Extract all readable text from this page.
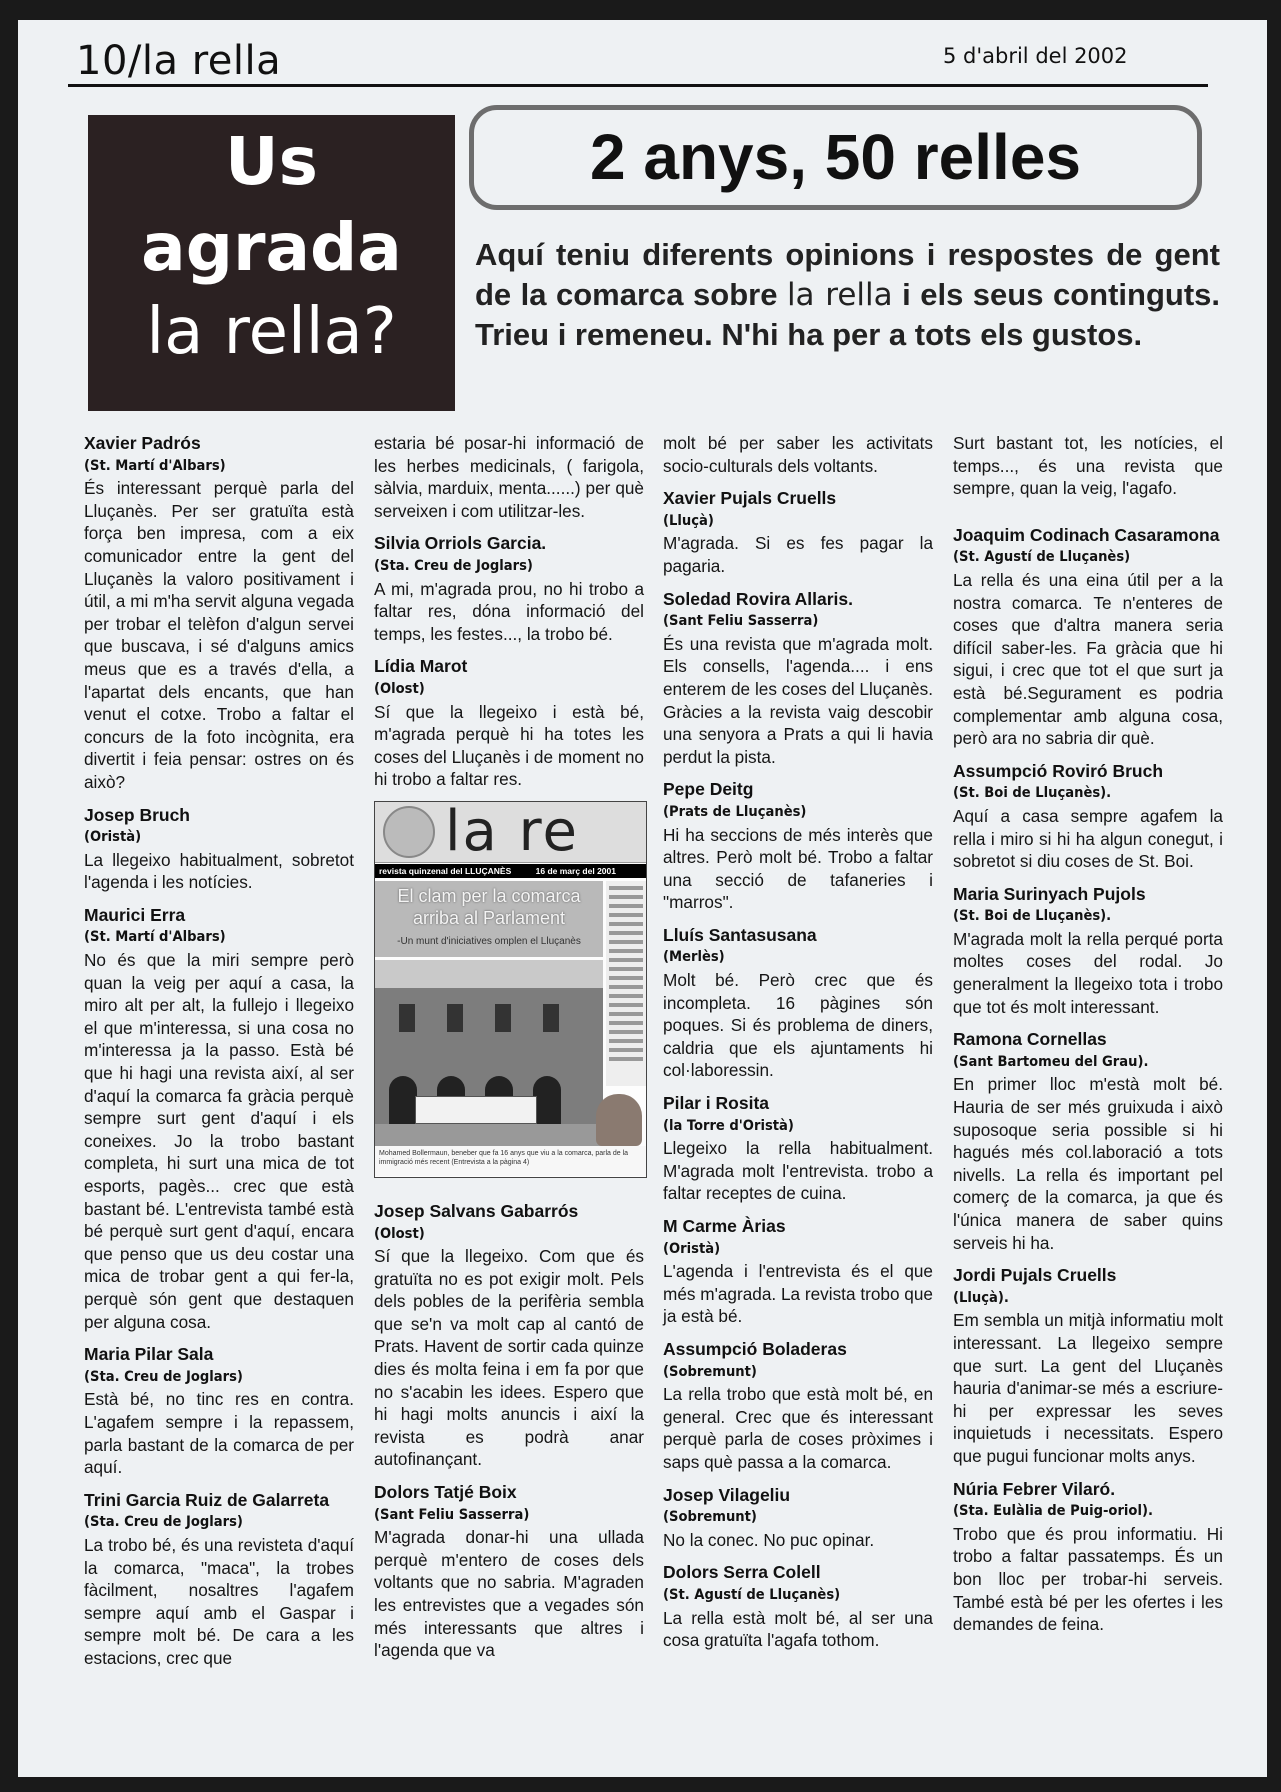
10/la rella	5 d'abril del 2002
Us
agrada
la rella?
2 anys, 50 relles
Aquí teniu diferents opinions i respostes de gent de la comarca sobre la rella i els seus continguts. Trieu i remeneu. N'hi ha per a tots els gustos.
Xavier Padrós
(St. Martí d'Albars)
És interessant perquè parla del Lluçanès. Per ser gratuïta està força ben impresa, com a eix comunicador entre la gent del Lluçanès la valoro positivament i útil, a mi m'ha servit alguna vegada per trobar el telèfon d'algun servei que buscava, i sé d'alguns amics meus que es a través d'ella, a l'apartat dels encants, que han venut el cotxe. Trobo a faltar el concurs de la foto incògnita, era divertit i feia pensar: ostres on és això?
Josep Bruch
(Oristà)
La llegeixo habitualment, sobretot l'agenda i les notícies.
Maurici Erra
(St. Martí d'Albars)
No és que la miri sempre però quan la veig per aquí a casa, la miro alt per alt, la fullejo i llegeixo el que m'interessa, si una cosa no m'interessa ja la passo. Està bé que hi hagi una revista així, al ser d'aquí la comarca fa gràcia perquè sempre surt gent d'aquí i els coneixes. Jo la trobo bastant completa, hi surt una mica de tot esports, pagès... crec que està bastant bé. L'entrevista també està bé perquè surt gent d'aquí, encara que penso que us deu costar una mica de trobar gent a qui fer-la, perquè són gent que destaquen per alguna cosa.
Maria Pilar Sala
(Sta. Creu de Joglars)
Està bé, no tinc res en contra. L'agafem sempre i la repassem, parla bastant de la comarca de per aquí.
Trini Garcia Ruiz de Galarreta
(Sta. Creu de Joglars)
La trobo bé, és una revisteta d'aquí la comarca, "maca", la trobes fàcilment, nosaltres l'agafem sempre aquí amb el Gaspar i sempre molt bé. De cara a les estacions, crec que
estaria bé posar-hi informació de les herbes medicinals, ( farigola, sàlvia, marduix, menta......) per què serveixen i com utilitzar-les.
Silvia Orriols Garcia.
(Sta. Creu de Joglars)
A mi, m'agrada prou, no hi trobo a faltar res, dóna informació del temps, les festes..., la trobo bé.
Lídia Marot
(Olost)
Sí que la llegeixo i està bé, m'agrada perquè hi ha totes les coses del Lluçanès i de moment no hi trobo a faltar res.
la re
revista quinzenal del LLUÇANÈS	16 de març del 2001
El clam per la comarca arriba al Parlament
-Un munt d'iniciatives omplen el Lluçanès
Mohamed Bollermaun, beneber que fa 16 anys que viu a la comarca, parla de la immigració més recent (Entrevista a la pàgina 4)
Josep Salvans Gabarrós
(Olost)
Sí que la llegeixo. Com que és gratuïta no es pot exigir molt. Pels dels pobles de la perifèria sembla que se'n va molt cap al cantó de Prats. Havent de sortir cada quinze dies és molta feina i em fa por que no s'acabin les idees. Espero que hi hagi molts anuncis i així la revista es podrà anar autofinançant.
Dolors Tatjé Boix
(Sant Feliu Sasserra)
M'agrada donar-hi una ullada perquè m'entero de coses dels voltants que no sabria. M'agraden les entrevistes que a vegades són més interessants que altres i l'agenda que va
molt bé per saber les activitats socio-culturals dels voltants.
Xavier Pujals Cruells
(Lluçà)
M'agrada. Si es fes pagar la pagaria.
Soledad Rovira Allaris.
(Sant Feliu Sasserra)
És una revista que m'agrada molt. Els consells, l'agenda.... i ens enterem de les coses del Lluçanès. Gràcies a la revista vaig descobir una senyora a Prats a qui li havia perdut la pista.
Pepe Deitg
(Prats de Lluçanès)
Hi ha seccions de més interès que altres. Però molt bé. Trobo a faltar una secció de tafaneries i "marros".
Lluís Santasusana
(Merlès)
Molt bé. Però crec que és incompleta. 16 pàgines són poques. Si és problema de diners, caldria que els ajuntaments hi col·laboressin.
Pilar i Rosita
(la Torre d'Oristà)
Llegeixo la rella habitualment. M'agrada molt l'entrevista. trobo a faltar receptes de cuina.
M Carme Àrias
(Oristà)
L'agenda i l'entrevista és el que més m'agrada. La revista trobo que ja està bé.
Assumpció Boladeras
(Sobremunt)
La rella trobo que està molt bé, en general. Crec que és interessant perquè parla de coses pròximes i saps què passa a la comarca.
Josep Vilageliu
(Sobremunt)
No la conec. No puc opinar.
Dolors Serra Colell
(St. Agustí de Lluçanès)
La rella està molt bé, al ser una cosa gratuïta l'agafa tothom.
Surt bastant tot, les notícies, el temps..., és una revista que sempre, quan la veig, l'agafo.
Joaquim Codinach Casaramona
(St. Agustí de Lluçanès)
La rella és una eina útil per a la nostra comarca. Te n'enteres de coses que d'altra manera seria difícil saber-les. Fa gràcia que hi sigui, i crec que tot el que surt ja està bé.Segurament es podria complementar amb alguna cosa, però ara no sabria dir què.
Assumpció Roviró Bruch
(St. Boi de Lluçanès).
Aquí a casa sempre agafem la rella i miro si hi ha algun conegut, i sobretot si diu coses de St. Boi.
Maria Surinyach Pujols
(St. Boi de Lluçanès).
M'agrada molt la rella perqué porta moltes coses del rodal. Jo generalment la llegeixo tota i trobo que tot és molt interessant.
Ramona Cornellas
(Sant Bartomeu del Grau).
En primer lloc m'està molt bé. Hauria de ser més gruixuda i això suposoque seria possible si hi hagués més col.laboració a tots nivells. La rella és important pel comerç de la comarca, ja que és l'única manera de saber quins serveis hi ha.
Jordi Pujals Cruells
(Lluçà).
Em sembla un mitjà informatiu molt interessant. La llegeixo sempre que surt. La gent del Lluçanès hauria d'animar-se més a escriure-hi per expressar les seves inquietuds i necessitats. Espero que pugui funcionar molts anys.
Núria Febrer Vilaró.
(Sta. Eulàlia de Puig-oriol).
Trobo que és prou informatiu. Hi trobo a faltar passatemps. És un bon lloc per trobar-hi serveis. També està bé per les ofertes i les demandes de feina.
